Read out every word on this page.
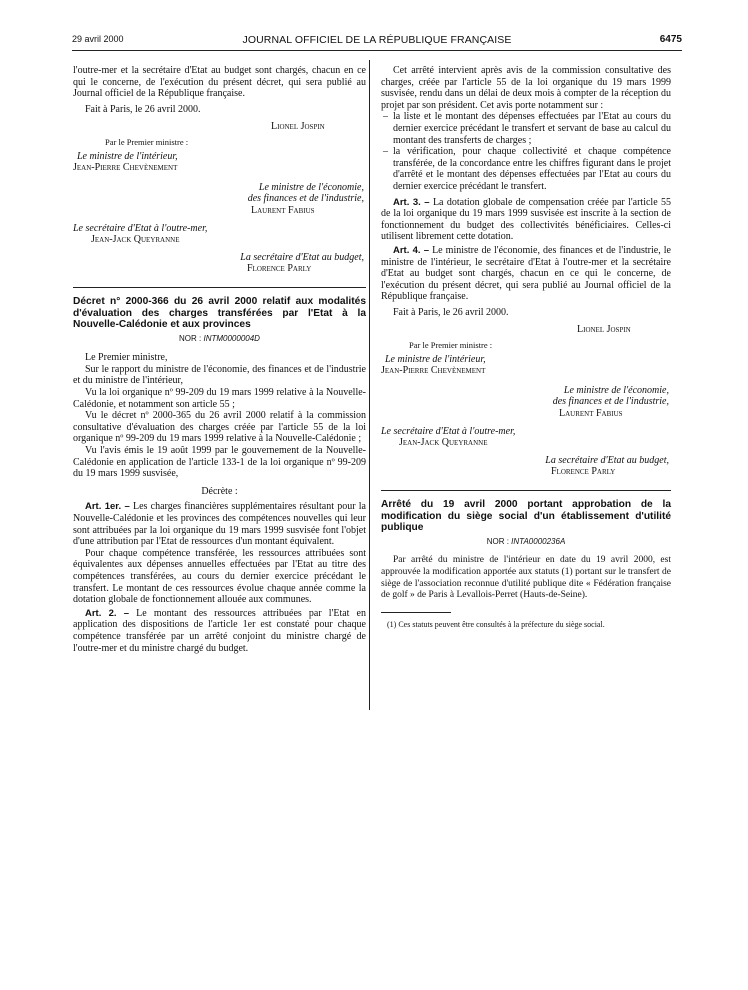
29 avril 2000	JOURNAL OFFICIEL DE LA RÉPUBLIQUE FRANÇAISE	6475

l'outre-mer et la secrétaire d'Etat au budget sont chargés, chacun en ce qui le concerne, de l'exécution du présent décret, qui sera publié au Journal officiel de la République française.

Fait à Paris, le 26 avril 2000.

Lionel Jospin

Par le Premier ministre :

Le ministre de l'intérieur,

Jean-Pierre Chevènement

Le ministre de l'économie,

des finances et de l'industrie,

Laurent Fabius

Le secrétaire d'Etat à l'outre-mer,

Jean-Jack Queyranne

La secrétaire d'Etat au budget,

Florence Parly

Décret n° 2000-366 du 26 avril 2000 relatif aux modalités d'évaluation des charges transférées par l'Etat à la Nouvelle-Calédonie et aux provinces

NOR : INTM0000004D

Le Premier ministre,

Sur le rapport du ministre de l'économie, des finances et de l'industrie et du ministre de l'intérieur,

Vu la loi organique nº 99-209 du 19 mars 1999 relative à la Nouvelle-Calédonie, et notamment son article 55 ;

Vu le décret nº 2000-365 du 26 avril 2000 relatif à la commission consultative d'évaluation des charges créée par l'article 55 de la loi organique nº 99-209 du 19 mars 1999 relative à la Nouvelle-Calédonie ;

Vu l'avis émis le 19 août 1999 par le gouvernement de la Nouvelle-Calédonie en application de l'article 133-1 de la loi organique nº 99-209 du 19 mars 1999 susvisée,

Décrète :

Art. 1er. – Les charges financières supplémentaires résultant pour la Nouvelle-Calédonie et les provinces des compétences nouvelles qui leur sont attribuées par la loi organique du 19 mars 1999 susvisée font l'objet d'une attribution par l'Etat de ressources d'un montant équivalent.

Pour chaque compétence transférée, les ressources attribuées sont équivalentes aux dépenses annuelles effectuées par l'Etat au titre des compétences transférées, au cours du dernier exercice précédant le transfert. Le montant de ces ressources évolue chaque année comme la dotation globale de fonctionnement allouée aux communes.

Art. 2. – Le montant des ressources attribuées par l'Etat en application des dispositions de l'article 1er est constaté pour chaque compétence transférée par un arrêté conjoint du ministre chargé de l'outre-mer et du ministre chargé du budget.

Cet arrêté intervient après avis de la commission consultative des charges, créée par l'article 55 de la loi organique du 19 mars 1999 susvisée, rendu dans un délai de deux mois à compter de la réception du projet par son président. Cet avis porte notamment sur :

– la liste et le montant des dépenses effectuées par l'Etat au cours du dernier exercice précédant le transfert et servant de base au calcul du montant des transferts de charges ;
– la vérification, pour chaque collectivité et chaque compétence transférée, de la concordance entre les chiffres figurant dans le projet d'arrêté et le montant des dépenses effectuées par l'Etat au cours du dernier exercice précédant le transfert.

Art. 3. – La dotation globale de compensation créée par l'article 55 de la loi organique du 19 mars 1999 susvisée est inscrite à la section de fonctionnement du budget des collectivités bénéficiaires. Celles-ci utilisent librement cette dotation.

Art. 4. – Le ministre de l'économie, des finances et de l'industrie, le ministre de l'intérieur, le secrétaire d'Etat à l'outre-mer et la secrétaire d'Etat au budget sont chargés, chacun en ce qui le concerne, de l'exécution du présent décret, qui sera publié au Journal officiel de la République française.

Fait à Paris, le 26 avril 2000.

Lionel Jospin

Par le Premier ministre :

Le ministre de l'intérieur,

Jean-Pierre Chevènement

Le ministre de l'économie,

des finances et de l'industrie,

Laurent Fabius

Le secrétaire d'Etat à l'outre-mer,

Jean-Jack Queyranne

La secrétaire d'Etat au budget,

Florence Parly

Arrêté du 19 avril 2000 portant approbation de la modification du siège social d'un établissement d'utilité publique

NOR : INTA0000236A

Par arrêté du ministre de l'intérieur en date du 19 avril 2000, est approuvée la modification apportée aux statuts (1) portant sur le transfert de siège de l'association reconnue d'utilité publique dite « Fédération française de golf » de Paris à Levallois-Perret (Hauts-de-Seine).

(1) Ces statuts peuvent être consultés à la préfecture du siège social.
